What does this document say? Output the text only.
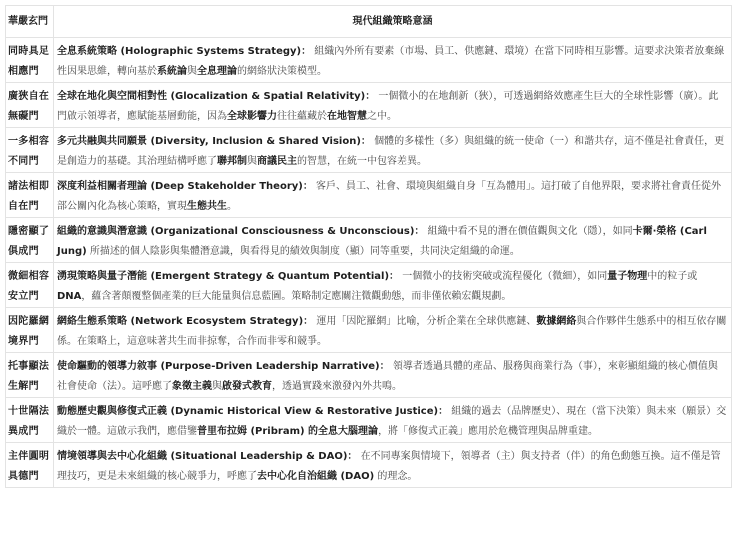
華嚴玄門	現代組織策略意涵
同時具足相應門	全息系統策略 (Holographic Systems Strategy)： 組織內外所有要素（市場、員工、供應鏈、環境）在當下同時相互影響。這要求決策者放棄線性因果思維，轉向基於系統論與全息理論的網絡狀決策模型。
廣狹自在無礙門	全球在地化與空間相對性 (Glocalization & Spatial Relativity)： 一個微小的在地創新（狹），可透過網絡效應產生巨大的全球性影響（廣）。此門啟示領導者，應賦能基層動能，因為全球影響力往往蘊藏於在地智慧之中。
一多相容不同門	多元共融與共同願景 (Diversity, Inclusion & Shared Vision)： 個體的多樣性（多）與組織的統一使命（一）和諧共存，這不僅是社會責任，更是創造力的基礎。其治理結構呼應了聯邦制與商議民主的智慧，在統一中包容差異。
諸法相即自在門	深度利益相關者理論 (Deep Stakeholder Theory)： 客戶、員工、社會、環境與組織自身「互為體用」。這打破了自他界限，要求將社會責任從外部公關內化為核心策略，實現生態共生。
隱密顯了俱成門	組織的意識與潛意識 (Organizational Consciousness & Unconscious)： 組織中看不見的潛在價值觀與文化（隱），如同卡爾·榮格 (Carl Jung) 所描述的個人陰影與集體潛意識，與看得見的績效與制度（顯）同等重要，共同決定組織的命運。
微細相容安立門	湧現策略與量子潛能 (Emergent Strategy & Quantum Potential)： 一個微小的技術突破或流程優化（微細），如同量子物理中的粒子或DNA，蘊含著顛覆整個產業的巨大能量與信息藍圖。策略制定應關注微觀動態，而非僅依賴宏觀規劃。
因陀羅網境界門	網絡生態系策略 (Network Ecosystem Strategy)： 運用「因陀羅網」比喻，分析企業在全球供應鏈、數據網絡與合作夥伴生態系中的相互依存關係。在策略上，這意味著共生而非掠奪，合作而非零和競爭。
托事顯法生解門	使命驅動的領導力敘事 (Purpose-Driven Leadership Narrative)： 領導者透過具體的產品、服務與商業行為（事），來彰顯組織的核心價值與社會使命（法）。這呼應了象徵主義與啟發式教育，透過實踐來激發內外共鳴。
十世隔法異成門	動態歷史觀與修復式正義 (Dynamic Historical View & Restorative Justice)： 組織的過去（品牌歷史）、現在（當下決策）與未來（願景）交織於一體。這啟示我們，應借鑒普里布拉姆 (Pribram) 的全息大腦理論，將「修復式正義」應用於危機管理與品牌重建。
主伴圓明具德門	情境領導與去中心化組織 (Situational Leadership & DAO)： 在不同專案與情境下，領導者（主）與支持者（伴）的角色動態互換。這不僅是管理技巧，更是未來組織的核心競爭力，呼應了去中心化自治組織 (DAO) 的理念。
